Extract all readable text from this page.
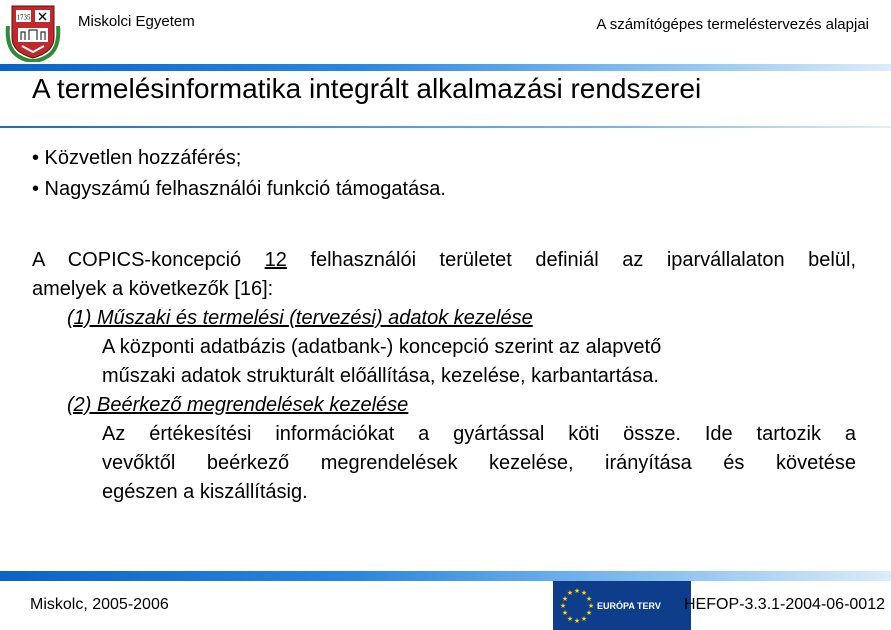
1735	Miskolci Egyetem	A számítógépes termeléstervezés alapjai
A termelésinformatika integrált alkalmazási rendszerei
• Közvetlen hozzáférés;
• Nagyszámú felhasználói funkció támogatása.
A COPICS-koncepció 12 felhasználói területet definiál az iparvállalaton belül,
amelyek a következők [16]:
(1) Műszaki és termelési (tervezési) adatok kezelése
A központi adatbázis (adatbank-) koncepció szerint az alapvető
műszaki adatok strukturált előállítása, kezelése, karbantartása.
(2) Beérkező megrendelések kezelése
Az értékesítési információkat a gyártással köti össze. Ide tartozik a
vevőktől beérkező megrendelések kezelése, irányítása és követése
egészen a kiszállításig.
Miskolc, 2005-2006
★ ★
★
★
★
★
★
★
★
★
★
★
EURÓPA TERV HEFOP-3.3.1-2004-06-0012
